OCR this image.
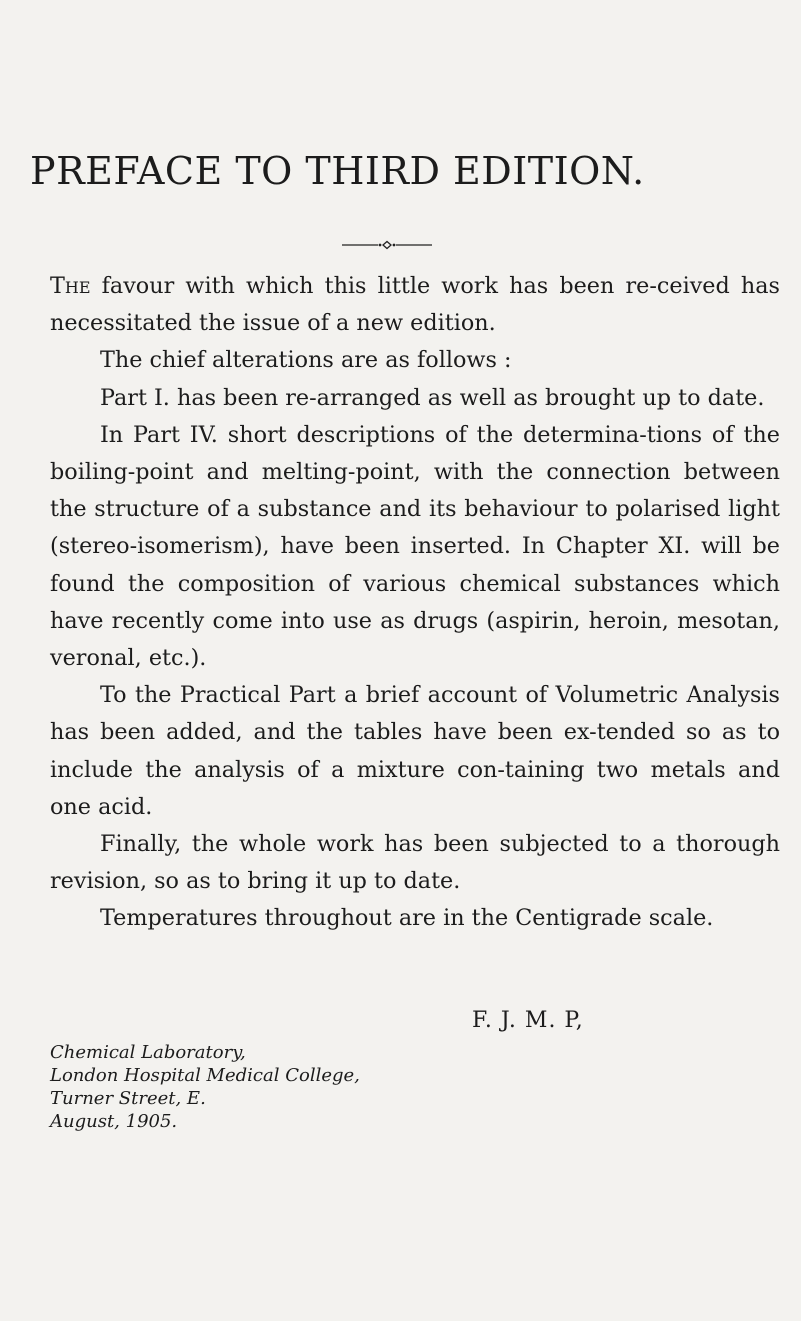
PREFACE TO THIRD EDITION.

The favour with which this little work has been re-ceived has necessitated the issue of a new edition.

The chief alterations are as follows :

Part I. has been re-arranged as well as brought up to date.

In Part IV. short descriptions of the determina-tions of the boiling-point and melting-point, with the connection between the structure of a substance and its behaviour to polarised light (stereo-isomerism), have been inserted. In Chapter XI. will be found the composition of various chemical substances which have recently come into use as drugs (aspirin, heroin, mesotan, veronal, etc.).

To the Practical Part a brief account of Volumetric Analysis has been added, and the tables have been ex-tended so as to include the analysis of a mixture con-taining two metals and one acid.

Finally, the whole work has been subjected to a thorough revision, so as to bring it up to date.

Temperatures throughout are in the Centigrade scale.

F. J. M. P,
Chemical Laboratory,
London Hospital Medical College,
Turner Street, E.
August, 1905.
